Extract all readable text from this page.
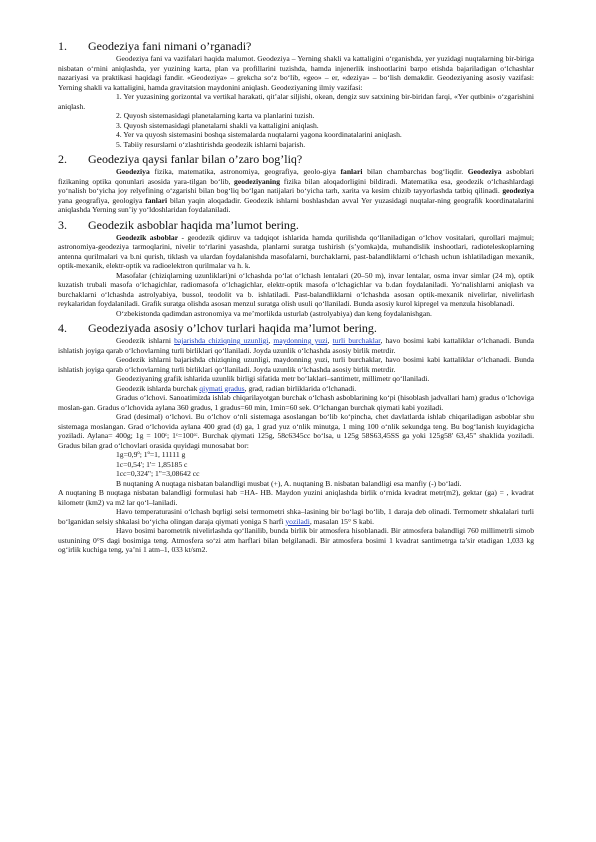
1.	Geodeziya fani nimani o’rganadi?

Geodeziya fani va vazifalari haqida malumot. Geodeziya – Yerning shakli va kattaligini o‘rganishda, yer yuzidagi nuqtalarning bir-biriga nisbatan o‘rnini aniqlashda, yer yuzining karta, plan va profillarini tuzishda, hamda injenerlik inshootlarini barpo etishda bajariladigan o‘lchashlar nazariyasi va praktikasi haqidagi fandir. «Geodeziya» – grekcha so‘z bo‘lib, «geo» – er, «deziya» – bo‘lish demakdir. Geodeziyaning asosiy vazifasi: Yerning shakli va kattaligini, hamda gravitatsion maydonini aniqlash. Geodeziyaning ilmiy vazifasi:

1. Yer yuzasining gorizontal va vertikal harakati, qit’alar siljishi, okean, dengiz suv satxining bir-biridan farqi, «Yer qutbini» o‘zgarishini aniqlash.

2. Quyosh sistemasidagi planetalarning karta va planlarini tuzish.

3. Quyosh sistemasidagi planetalarni shakli va kattaligini aniqlash.

4. Yer va quyosh sistemasini boshqa sistemalarda nuqtalarni yagona koordinatalarini aniqlash.

5. Tabiiy resurslarni o‘zlashtirishda geodezik ishlarni bajarish.

2.	Geodeziya qaysi fanlar bilan o’zaro bog’liq?

Geodeziya fizika, matematika, astronomiya, geografiya, geolo-giya fanlari bilan chambarchas bog‘liqdir. Geodeziya asboblari fizikaning optika qonunlari asosida yara-tilgan bo‘lib, geodeziyaning fizika bilan aloqadorligini bildiradi. Matematika esa, geodezik o‘lchashlardagi yo‘nalish bo‘yicha joy relyefining o‘zgarishi bilan bog‘liq bo‘lgan natijalari bo‘yicha tarh, xarita va kesim chizib tayyorlashda tatbiq qilinadi. geodeziya yana geografiya, geologiya fanlari bilan yaqin aloqadadir. Geodezik ishlarni boshlashdan avval Yer yuzasidagi nuqtalar-ning geografik koordinatalarini aniqlashda Yerning sun’iy yo‘ldoshlaridan foydalaniladi.

3.	Geodezik asboblar haqida ma’lumot bering.

Geodezik asboblar - geodezik qidiruv va tadqiqot ishlarida hamda qurilishda qo‘llaniladigan o‘lchov vositalari, qurollari majmui; astronomiya-geodeziya tarmoqlarini, nivelir to‘rlarini yasashda, planlarni suratga tushirish (s’yomka)da, muhandislik inshootlari, radioteleskoplarning antenna qurilmalari va b.ni qurish, tiklash va ulardan foydalanishda masofalarni, burchaklarni, past-balandliklarni o‘lchash uchun ishlatiladigan mexanik, optik-mexanik, elektr-optik va radioelektron qurilmalar va h. k.

Masofalar (chiziqlarning uzunliklari)ni o‘lchashda po‘lat o‘lchash lentalari (20–50 m), invar lentalar, osma invar simlar (24 m), optik kuzatish trubali masofa o‘lchagichlar, radiomasofa o‘lchagichlar, elektr-optik masofa o‘lchagichlar va b.dan foydalaniladi. Yo‘nalishlarni aniqlash va burchaklarni o‘lchashda astrolyabiya, bussol, teodolit va b. ishlatiladi. Past-balandliklarni o‘lchashda asosan optik-mexanik nivelirlar, nivelirlash reykalaridan foydalaniladi. Grafik suratga olishda asosan menzul suratga olish usuli qo‘llaniladi. Bunda asosiy kurol kipregel va menzula hisoblanadi.

O‘zbekistonda qadimdan astronomiya va me’morlikda usturlab (astrolyabiya) dan keng foydalanishgan.

4.	Geodeziyada asosiy o’lchov turlari haqida ma’lumot bering.

Geodezik ishlarni bajarishda chiziqning uzunligi, maydonning yuzi, turli burchaklar, havo bosimi kabi kattaliklar o‘lchanadi. Bunda ishlatish joyiga qarab o‘lchovlarning turli birliklari qo‘llaniladi. Joyda uzunlik o‘lchashda asosiy birlik metrdir.

Geodezik ishlarni bajarishda chiziqning uzunligi, maydonning yuzi, turli burchaklar, havo bosimi kabi kattaliklar o‘lchanadi. Bunda ishlatish joyiga qarab o‘lchovlarning turli birliklari qo‘llaniladi. Joyda uzunlik o‘lchashda asosiy birlik metrdir.

Geodeziyaning grafik ishlarida uzunlik birligi sifatida metr bo‘laklari–santimetr, millimetr qo‘llaniladi.

Geodezik ishlarda burchak qiymati gradus, grad, radian birliklarida o‘lchanadi.

Gradus o‘lchovi. Sanoatimizda ishlab chiqarilayotgan burchak o‘lchash asboblarining ko‘pi (hisoblash jadvallari ham) gradus o‘lchoviga moslan-gan. Gradus o‘lchovida aylana 360 gradus, 1 gradus=60 min, 1min=60 sek. O‘lchangan burchak qiymati kabi yoziladi.

Grad (desimal) o‘lchovi. Bu o‘lchov o‘nli sistemaga asoslangan bo‘lib ko‘pincha, chet davlatlarda ishlab chiqariladigan asboblar shu sistemaga moslangan. Grad o‘lchovida aylana 400 grad (d) ga, 1 grad yuz o‘nlik minutga, 1 ming 100 o‘nlik sekundga teng. Bu bog‘lanish kuyidagicha yoziladi. Aylana= 400g; 1g = 100ᶜ; 1ᶜ=100ᶜᶜ. Burchak qiymati 125g, 58c6345cc bo‘lsa, u 125g 58S63,45SS ga yoki 125g58' 63,45" shaklida yoziladi. Gradus bilan grad o‘lchovlari orasida quyidagi munosabat bor:

1g=0,9º; 1º=1, 11111 g

1c=0,54'; 1'= 1,85185 c

1cc=0,324"; 1"=3,08642 cc

B nuqtaning A nuqtaga nisbatan balandligi musbat (+), A. nuqtaning B. nisbatan balandligi esa manfiy (-) bo‘ladi.

A nuqtaning B nuqtaga nisbatan balandligi formulasi hab =HA- HB. Maydon yuzini aniqlashda birlik o‘rnida kvadrat metr(m2), gektar (ga) = , kvadrat kilometr (km2) va m2 lar qo‘l–laniladi.

Havo temperaturasini o‘lchash bqrligi selsi termometri shka–lasining bir bo‘lagi bo‘lib, 1 daraja deb olinadi. Termometr shkalalari turli bo‘lganidan selsiy shkalasi bo‘yicha olingan daraja qiymati yoniga S harfi yoziladi, masalan 15° S kabi.

Havo bosimi barometrik nivelirlashda qo‘llanilib, bunda birlik bir atmosfera hisoblanadi. Bir atmosfera balandligi 760 millimetrli simob ustunining 0°S dagi bosimiga teng. Atmosfera so‘zi atm harflari bilan belgilanadi. Bir atmosfera bosimi 1 kvadrat santimetrga ta’sir etadigan 1,033 kg og‘irlik kuchiga teng, ya’ni 1 atm–1, 033 kt/sm2.
